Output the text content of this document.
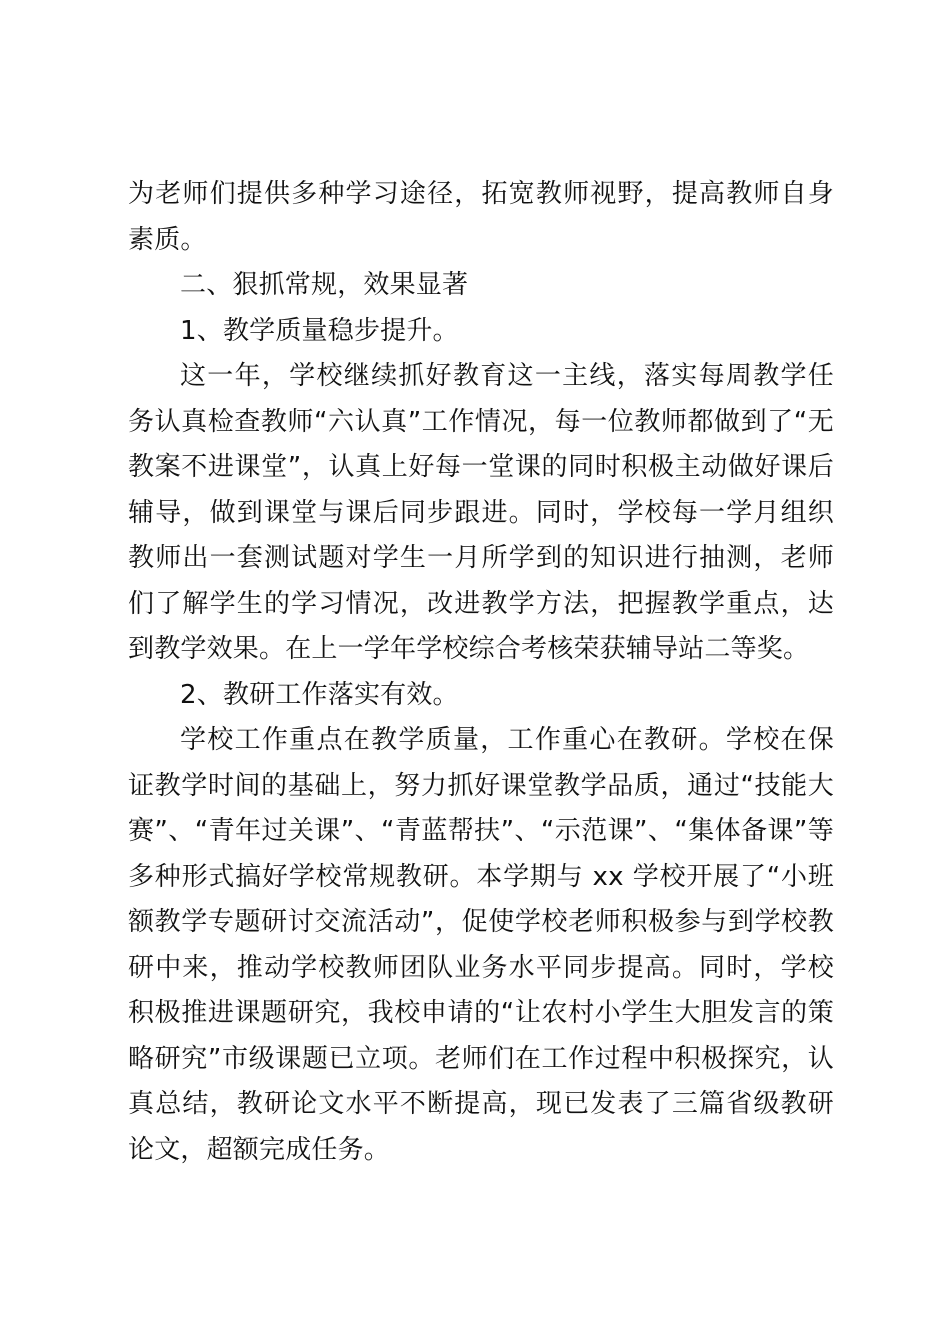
为老师们提供多种学习途径，拓宽教师视野，提高教师自身素质。

二、狠抓常规，效果显著

1、教学质量稳步提升。

这一年，学校继续抓好教育这一主线，落实每周教学任务认真检查教师“六认真”工作情况，每一位教师都做到了“无教案不进课堂”，认真上好每一堂课的同时积极主动做好课后辅导，做到课堂与课后同步跟进。同时，学校每一学月组织教师出一套测试题对学生一月所学到的知识进行抽测，老师们了解学生的学习情况，改进教学方法，把握教学重点，达到教学效果。在上一学年学校综合考核荣获辅导站二等奖。

2、教研工作落实有效。

学校工作重点在教学质量，工作重心在教研。学校在保证教学时间的基础上，努力抓好课堂教学品质，通过“技能大赛”、“青年过关课”、“青蓝帮扶”、“示范课”、“集体备课”等多种形式搞好学校常规教研。本学期与 xx 学校开展了“小班额教学专题研讨交流活动”，促使学校老师积极参与到学校教研中来，推动学校教师团队业务水平同步提高。同时，学校积极推进课题研究，我校申请的“让农村小学生大胆发言的策略研究”市级课题已立项。老师们在工作过程中积极探究，认真总结，教研论文水平不断提高，现已发表了三篇省级教研论文，超额完成任务。
